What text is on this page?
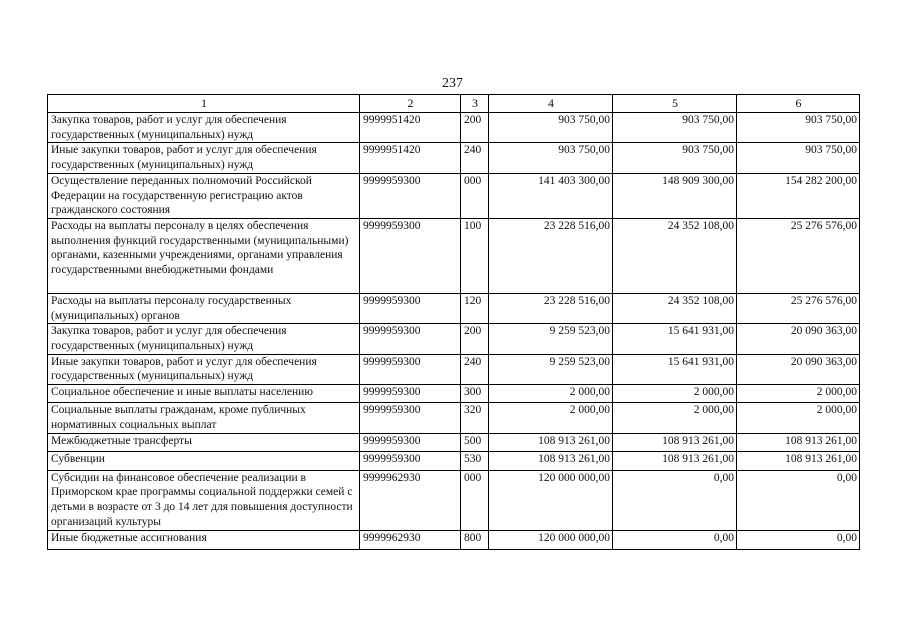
237
1	2	3	4	5	6
Закупка товаров, работ и услуг для обеспечения государственных (муниципальных) нужд	9999951420	200	903 750,00	903 750,00	903 750,00
Иные закупки товаров, работ и услуг для обеспечения государственных (муниципальных) нужд	9999951420	240	903 750,00	903 750,00	903 750,00
Осуществление переданных полномочий Российской Федерации на государственную регистрацию актов гражданского состояния	9999959300	000	141 403 300,00	148 909 300,00	154 282 200,00
Расходы на выплаты персоналу в целях обеспечения выполнения функций государственными (муниципальными) органами, казенными учреждениями, органами управления государственными внебюджетными фондами	9999959300	100	23 228 516,00	24 352 108,00	25 276 576,00
Расходы на выплаты персоналу государственных (муниципальных) органов	9999959300	120	23 228 516,00	24 352 108,00	25 276 576,00
Закупка товаров, работ и услуг для обеспечения государственных (муниципальных) нужд	9999959300	200	9 259 523,00	15 641 931,00	20 090 363,00
Иные закупки товаров, работ и услуг для обеспечения государственных (муниципальных) нужд	9999959300	240	9 259 523,00	15 641 931,00	20 090 363,00
Социальное обеспечение и иные выплаты населению	9999959300	300	2 000,00	2 000,00	2 000,00
Социальные выплаты гражданам, кроме публичных нормативных социальных выплат	9999959300	320	2 000,00	2 000,00	2 000,00
Межбюджетные трансферты	9999959300	500	108 913 261,00	108 913 261,00	108 913 261,00
Субвенции	9999959300	530	108 913 261,00	108 913 261,00	108 913 261,00
Субсидии на финансовое обеспечение реализации в Приморском крае программы социальной поддержки семей с детьми в возрасте от 3 до 14 лет для повышения доступности организаций культуры	9999962930	000	120 000 000,00	0,00	0,00
Иные бюджетные ассигнования	9999962930	800	120 000 000,00	0,00	0,00
